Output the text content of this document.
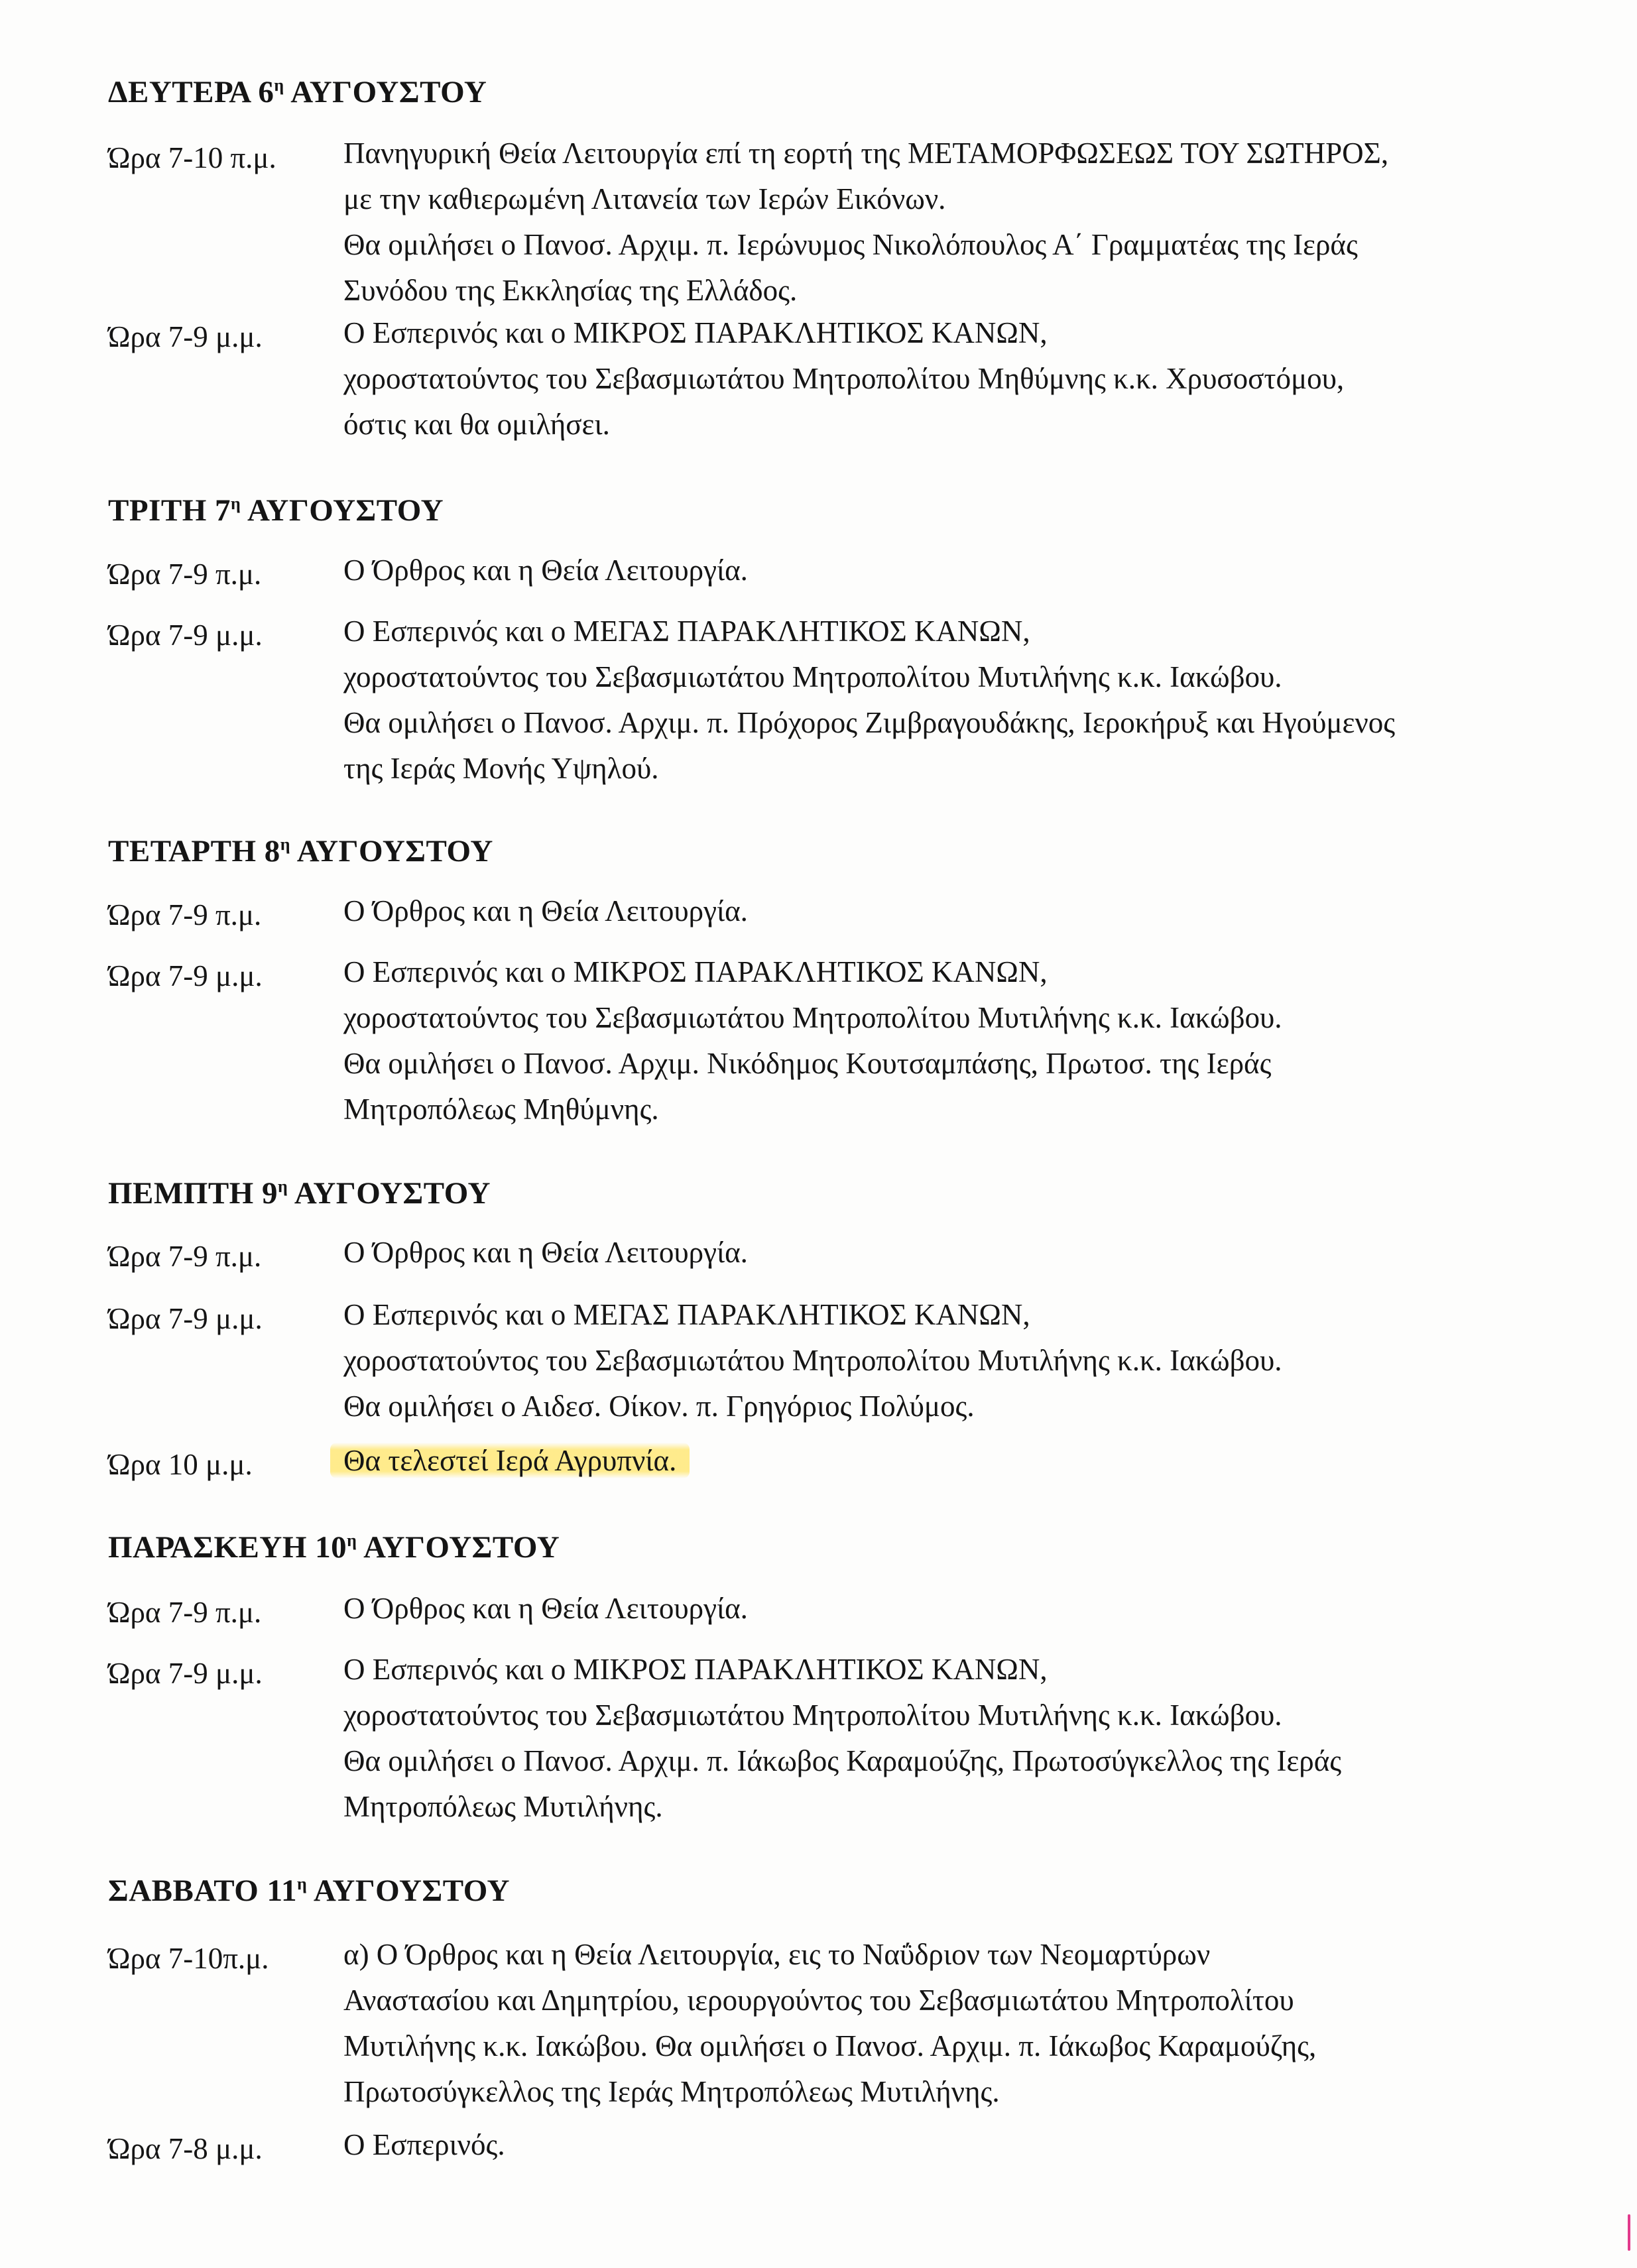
ΔΕΥΤΕΡΑ $6^\eta$ ΑΥΓΟΥΣΤΟΥ
Ώρα 7-10 π.μ. Πανηγυρική Θεία Λειτουργία επί τη εορτή της ΜΕΤΑΜΟΡΦΩΣΕΩΣ ΤΟΥ ΣΩΤΗΡΟΣ,
με την καθιερωμένη Λιτανεία των Ιερών Εικόνων.
Θα ομιλήσει ο Πανοσ. Αρχιμ. π. Ιερώνυμος Νικολόπουλος Α΄ Γραμματέας της Ιεράς
Συνόδου της Εκκλησίας της Ελλάδος.
Ώρα 7-9 μ.μ.	Ο Εσπερινός και ο ΜΙΚΡΟΣ ΠΑΡΑΚΛΗΤΙΚΟΣ ΚΑΝΩΝ,
χοροστατούντος του Σεβασμιωτάτου Μητροπολίτου Μηθύμνης κ.κ. Χρυσοστόμου,
όστις και θα ομιλήσει.
ΤΡΙΤΗ $7^\eta$ ΑΥΓΟΥΣΤΟΥ
Ώρα 7-9 π.μ.	Ο Όρθρος και η Θεία Λειτουργία.
Ώρα 7-9 μ.μ.	Ο Εσπερινός και ο ΜΕΓΑΣ ΠΑΡΑΚΛΗΤΙΚΟΣ ΚΑΝΩΝ,
χοροστατούντος του Σεβασμιωτάτου Μητροπολίτου Μυτιλήνης κ.κ. Ιακώβου.
Θα ομιλήσει ο Πανοσ. Αρχιμ. π. Πρόχορος Ζιμβραγουδάκης, Ιεροκήρυξ και Ηγούμενος
της Ιεράς Μονής Υψηλού.
ΤΕΤΑΡΤΗ $8^\eta$ ΑΥΓΟΥΣΤΟΥ
Ώρα 7-9 π.μ.	Ο Όρθρος και η Θεία Λειτουργία.
Ώρα 7-9 μ.μ.	Ο Εσπερινός και ο ΜΙΚΡΟΣ ΠΑΡΑΚΛΗΤΙΚΟΣ ΚΑΝΩΝ,
χοροστατούντος του Σεβασμιωτάτου Μητροπολίτου Μυτιλήνης κ.κ. Ιακώβου.
Θα ομιλήσει ο Πανοσ. Αρχιμ. Νικόδημος Κουτσαμπάσης, Πρωτοσ. της Ιεράς
Μητροπόλεως Μηθύμνης.
ΠΕΜΠΤΗ $9^\eta$ ΑΥΓΟΥΣΤΟΥ
Ώρα 7-9 π.μ.	Ο Όρθρος και η Θεία Λειτουργία.
Ώρα 7-9 μ.μ.	Ο Εσπερινός και ο ΜΕΓΑΣ ΠΑΡΑΚΛΗΤΙΚΟΣ ΚΑΝΩΝ,
χοροστατούντος του Σεβασμιωτάτου Μητροπολίτου Μυτιλήνης κ.κ. Ιακώβου.
Θα ομιλήσει ο Αιδεσ. Οίκον. π. Γρηγόριος Πολύμος.
Ώρα 10 μ.μ.	Θα τελεστεί Ιερά Αγρυπνία.
ΠΑΡΑΣΚΕΥΗ $10^\eta$ ΑΥΓΟΥΣΤΟΥ
Ώρα 7-9 π.μ.	Ο Όρθρος και η Θεία Λειτουργία.
Ώρα 7-9 μ.μ.	Ο Εσπερινός και ο ΜΙΚΡΟΣ ΠΑΡΑΚΛΗΤΙΚΟΣ ΚΑΝΩΝ,
χοροστατούντος του Σεβασμιωτάτου Μητροπολίτου Μυτιλήνης κ.κ. Ιακώβου.
Θα ομιλήσει ο Πανοσ. Αρχιμ. π. Ιάκωβος Καραμούζης, Πρωτοσύγκελλος της Ιεράς
Μητροπόλεως Μυτιλήνης.
ΣΑΒΒΑΤΟ $11^\eta$ ΑΥΓΟΥΣΤΟΥ
Ώρα 7-10π.μ. α) Ο Όρθρος και η Θεία Λειτουργία, εις το Ναΰδριον των Νεομαρτύρων
Αναστασίου και Δημητρίου, ιερουργούντος του Σεβασμιωτάτου Μητροπολίτου
Μυτιλήνης κ.κ. Ιακώβου. Θα ομιλήσει ο Πανοσ. Αρχιμ. π. Ιάκωβος Καραμούζης,
Πρωτοσύγκελλος της Ιεράς Μητροπόλεως Μυτιλήνης.
Ώρα 7-8 μ.μ.	Ο Εσπερινός.
